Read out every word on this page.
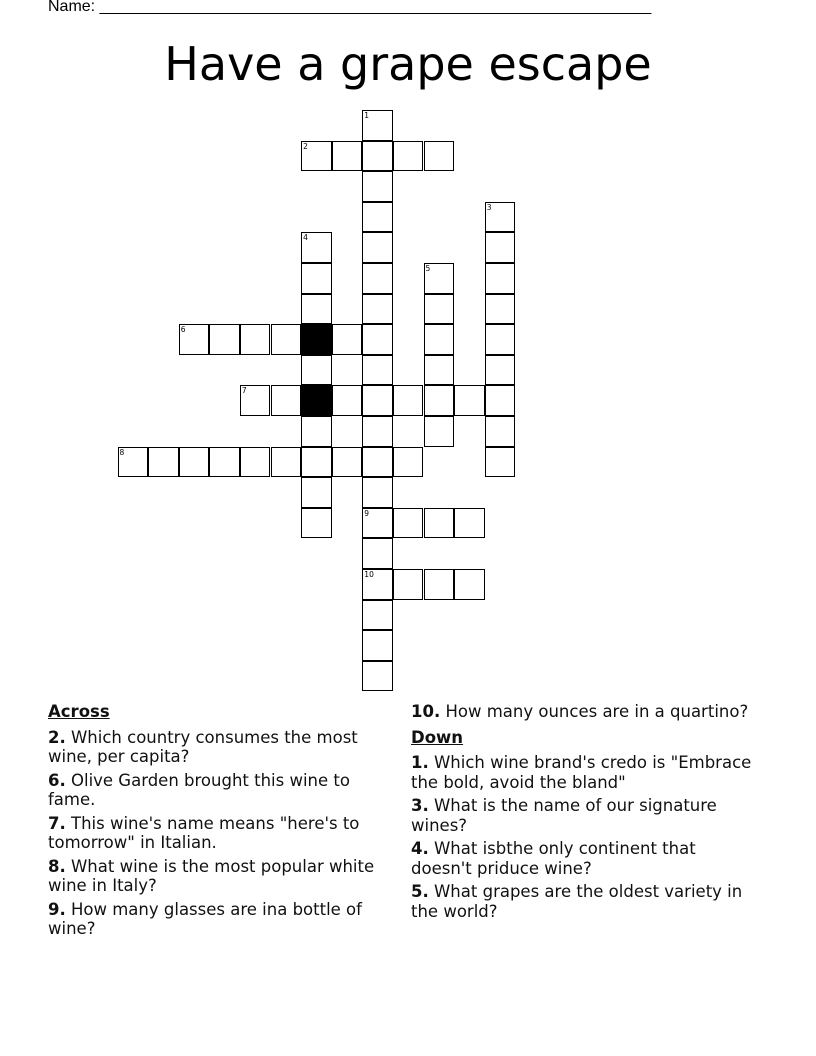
Name: ______________________________________________________________
Have a grape escape
1
2
3
4
5
6
7
8
9
10
Across
2. Which country consumes the most wine, per capita?
6. Olive Garden brought this wine to fame.
7. This wine's name means "here's to tomorrow" in Italian.
8. What wine is the most popular white wine in Italy?
9. How many glasses are ina bottle of wine?
10. How many ounces are in a quartino?
Down
1. Which wine brand's credo is "Embrace the bold, avoid the bland"
3. What is the name of our signature wines?
4. What isbthe only continent that doesn't priduce wine?
5. What grapes are the oldest variety in the world?
